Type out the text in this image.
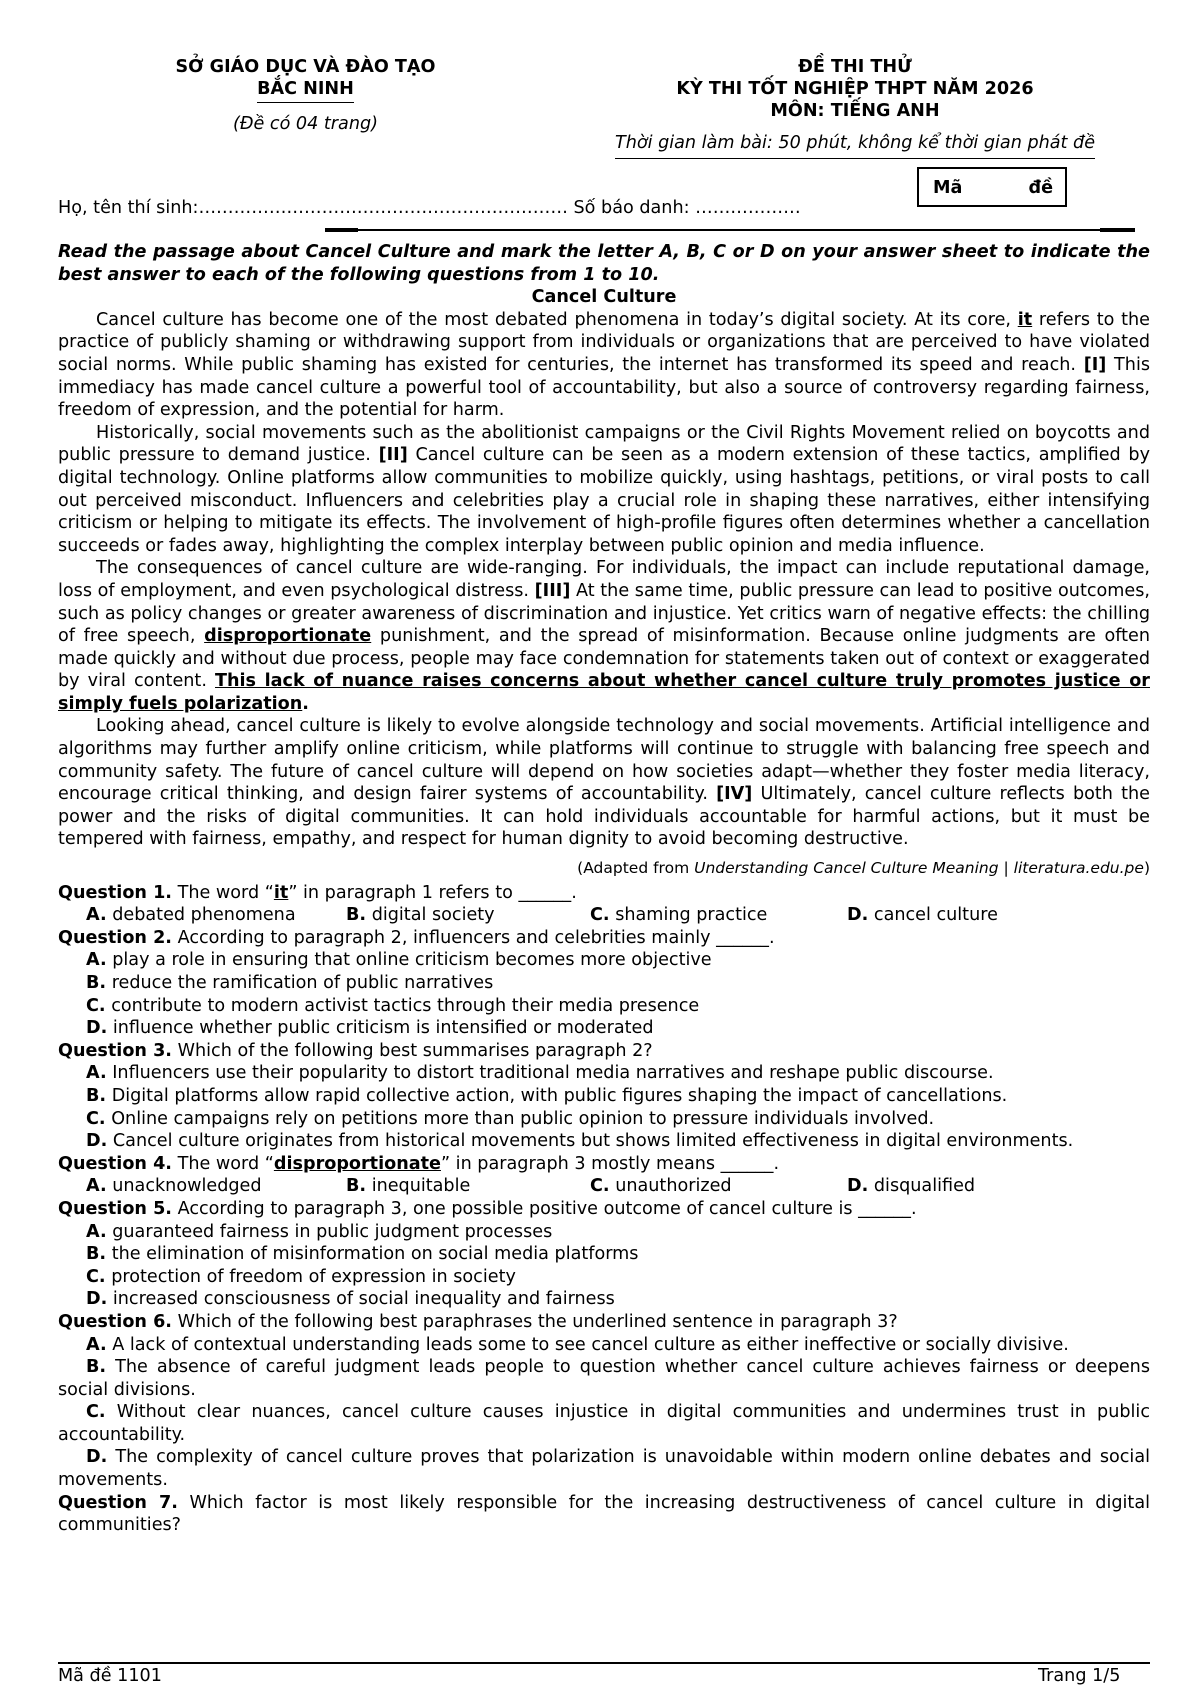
SỞ GIÁO DỤC VÀ ĐÀO TẠO
BẮC NINH
(Đề có 04 trang)
ĐỀ THI THỬ
KỲ THI TỐT NGHIỆP THPT NĂM 2026
MÔN: TIẾNG ANH
Thời gian làm bài: 50 phút, không kể thời gian phát đề
Mã	đề
Họ, tên thí sinh:……………………………………………………… Số báo danh: ………………
Read the passage about Cancel Culture and mark the letter A, B, C or D on your answer sheet to indicate the best answer to each of the following questions from 1 to 10.
Cancel Culture
Cancel culture has become one of the most debated phenomena in today’s digital society. At its core, it refers to the practice of publicly shaming or withdrawing support from individuals or organizations that are perceived to have violated social norms. While public shaming has existed for centuries, the internet has transformed its speed and reach. [I] This immediacy has made cancel culture a powerful tool of accountability, but also a source of controversy regarding fairness, freedom of expression, and the potential for harm.
Historically, social movements such as the abolitionist campaigns or the Civil Rights Movement relied on boycotts and public pressure to demand justice. [II] Cancel culture can be seen as a modern extension of these tactics, amplified by digital technology. Online platforms allow communities to mobilize quickly, using hashtags, petitions, or viral posts to call out perceived misconduct. Influencers and celebrities play a crucial role in shaping these narratives, either intensifying criticism or helping to mitigate its effects. The involvement of high-profile figures often determines whether a cancellation succeeds or fades away, highlighting the complex interplay between public opinion and media influence.
The consequences of cancel culture are wide-ranging. For individuals, the impact can include reputational damage, loss of employment, and even psychological distress. [III] At the same time, public pressure can lead to positive outcomes, such as policy changes or greater awareness of discrimination and injustice. Yet critics warn of negative effects: the chilling of free speech, disproportionate punishment, and the spread of misinformation. Because online judgments are often made quickly and without due process, people may face condemnation for statements taken out of context or exaggerated by viral content. This lack of nuance raises concerns about whether cancel culture truly promotes justice or simply fuels polarization.
Looking ahead, cancel culture is likely to evolve alongside technology and social movements. Artificial intelligence and algorithms may further amplify online criticism, while platforms will continue to struggle with balancing free speech and community safety. The future of cancel culture will depend on how societies adapt—whether they foster media literacy, encourage critical thinking, and design fairer systems of accountability. [IV] Ultimately, cancel culture reflects both the power and the risks of digital communities. It can hold individuals accountable for harmful actions, but it must be tempered with fairness, empathy, and respect for human dignity to avoid becoming destructive.
(Adapted from Understanding Cancel Culture Meaning | literatura.edu.pe)
Question 1. The word “it” in paragraph 1 refers to ______.
A. debated phenomena	B. digital society	C. shaming practice	D. cancel culture
Question 2. According to paragraph 2, influencers and celebrities mainly ______.
A. play a role in ensuring that online criticism becomes more objective
B. reduce the ramification of public narratives
C. contribute to modern activist tactics through their media presence
D. influence whether public criticism is intensified or moderated
Question 3. Which of the following best summarises paragraph 2?
A. Influencers use their popularity to distort traditional media narratives and reshape public discourse.
B. Digital platforms allow rapid collective action, with public figures shaping the impact of cancellations.
C. Online campaigns rely on petitions more than public opinion to pressure individuals involved.
D. Cancel culture originates from historical movements but shows limited effectiveness in digital environments.
Question 4. The word “disproportionate” in paragraph 3 mostly means ______.
A. unacknowledged	B. inequitable	C. unauthorized	D. disqualified
Question 5. According to paragraph 3, one possible positive outcome of cancel culture is ______.
A. guaranteed fairness in public judgment processes
B. the elimination of misinformation on social media platforms
C. protection of freedom of expression in society
D. increased consciousness of social inequality and fairness
Question 6. Which of the following best paraphrases the underlined sentence in paragraph 3?
A. A lack of contextual understanding leads some to see cancel culture as either ineffective or socially divisive.
B. The absence of careful judgment leads people to question whether cancel culture achieves fairness or deepens social divisions.
C. Without clear nuances, cancel culture causes injustice in digital communities and undermines trust in public accountability.
D. The complexity of cancel culture proves that polarization is unavoidable within modern online debates and social movements.
Question 7. Which factor is most likely responsible for the increasing destructiveness of cancel culture in digital communities?
Mã đề 1101	Trang 1/5
